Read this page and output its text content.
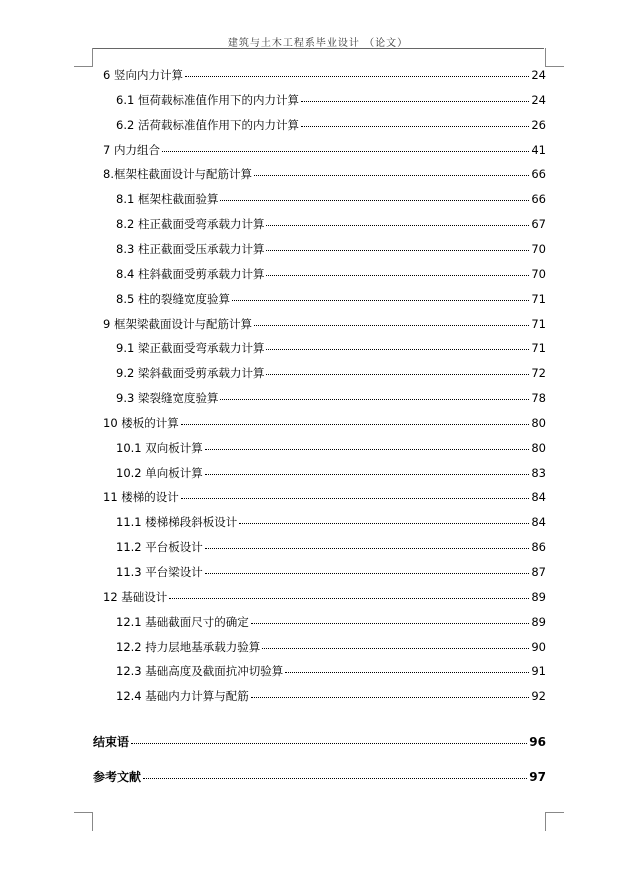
建筑与土木工程系毕业设计 （论文）
6 竖向内力计算	24
6.1 恒荷载标准值作用下的内力计算	24
6.2 活荷载标准值作用下的内力计算	26
7 内力组合	41
8.框架柱截面设计与配筋计算	66
8.1 框架柱截面验算	66
8.2 柱正截面受弯承载力计算	67
8.3 柱正截面受压承载力计算	70
8.4 柱斜截面受剪承载力计算	70
8.5 柱的裂缝宽度验算	71
9 框架梁截面设计与配筋计算	71
9.1 梁正截面受弯承载力计算	71
9.2 梁斜截面受剪承载力计算	72
9.3 梁裂缝宽度验算	78
10 楼板的计算	80
10.1 双向板计算	80
10.2 单向板计算	83
11 楼梯的设计	84
11.1 楼梯梯段斜板设计	84
11.2 平台板设计	86
11.3 平台梁设计	87
12 基础设计	89
12.1 基础截面尺寸的确定	89
12.2 持力层地基承载力验算	90
12.3 基础高度及截面抗冲切验算	91
12.4 基础内力计算与配筋	92
结束语	96
参考文献	97
